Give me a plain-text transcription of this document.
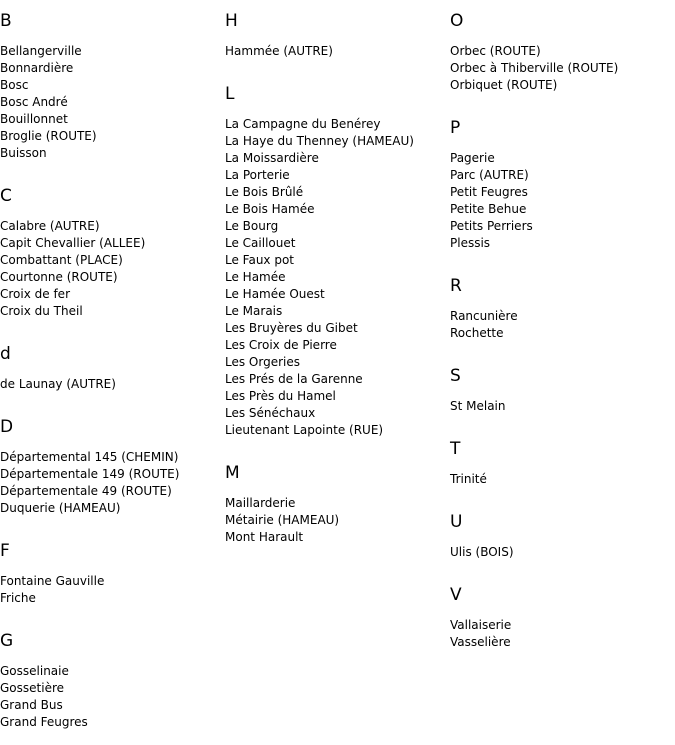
B
Bellangerville
Bonnardière
Bosc
Bosc André
Bouillonnet
Broglie (ROUTE)
Buisson
C
Calabre (AUTRE)
Capit Chevallier (ALLEE)
Combattant (PLACE)
Courtonne (ROUTE)
Croix de fer
Croix du Theil
d
de Launay (AUTRE)
D
Départemental 145 (CHEMIN)
Départementale 149 (ROUTE)
Départementale 49 (ROUTE)
Duquerie (HAMEAU)
F
Fontaine Gauville
Friche
G
Gosselinaie
Gossetière
Grand Bus
Grand Feugres
H
Hammée (AUTRE)
L
La Campagne du Benérey
La Haye du Thenney (HAMEAU)
La Moissardière
La Porterie
Le Bois Brûlé
Le Bois Hamée
Le Bourg
Le Caillouet
Le Faux pot
Le Hamée
Le Hamée Ouest
Le Marais
Les Bruyères du Gibet
Les Croix de Pierre
Les Orgeries
Les Prés de la Garenne
Les Près du Hamel
Les Sénéchaux
Lieutenant Lapointe (RUE)
M
Maillarderie
Métairie (HAMEAU)
Mont Harault
O
Orbec (ROUTE)
Orbec à Thiberville (ROUTE)
Orbiquet (ROUTE)
P
Pagerie
Parc (AUTRE)
Petit Feugres
Petite Behue
Petits Perriers
Plessis
R
Rancunière
Rochette
S
St Melain
T
Trinité
U
Ulis (BOIS)
V
Vallaiserie
Vasselière
